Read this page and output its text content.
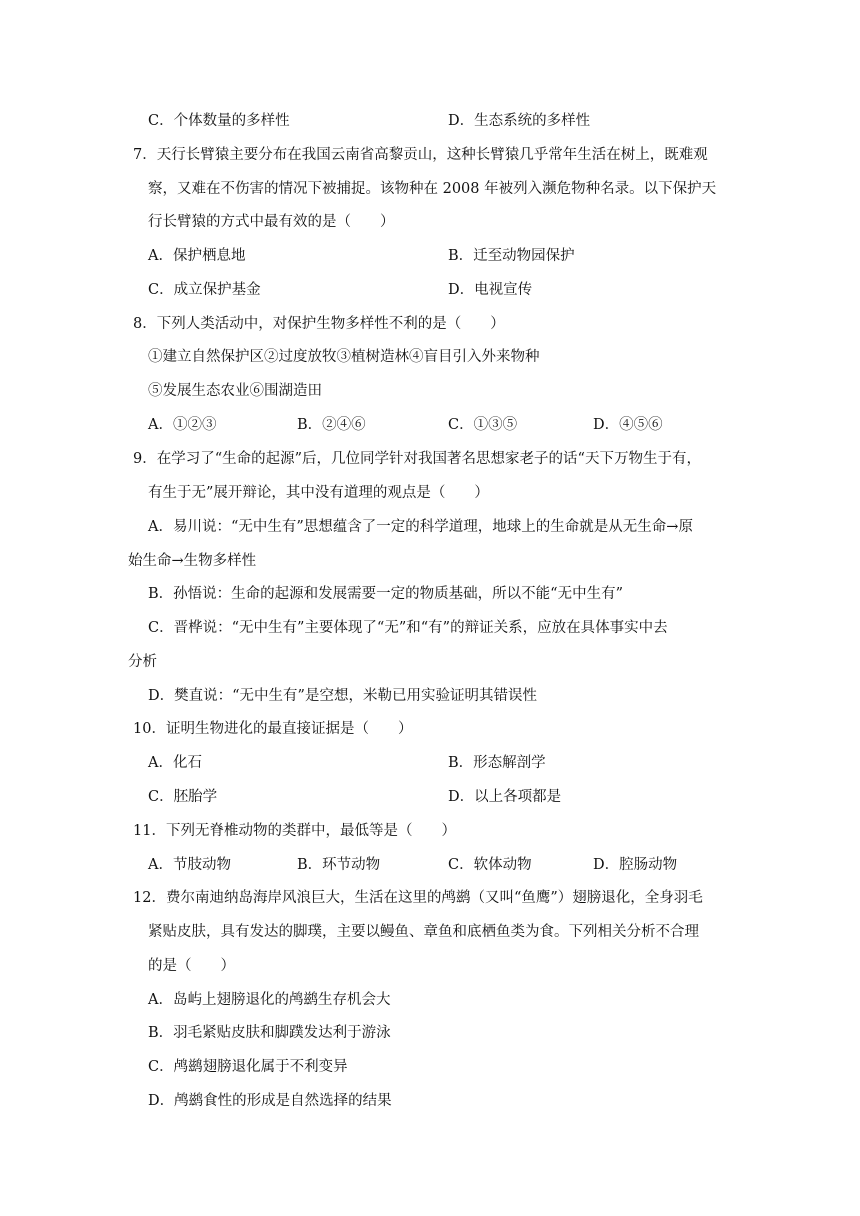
C．个体数量的多样性	D．生态系统的多样性
7．天行长臂猿主要分布在我国云南省高黎贡山，这种长臂猿几乎常年生活在树上，既难观
察，又难在不伤害的情况下被捕捉。该物种在 2008 年被列入濒危物种名录。以下保护天
行长臂猿的方式中最有效的是（　　）
A．保护栖息地	B．迁至动物园保护
C．成立保护基金	D．电视宣传
8．下列人类活动中，对保护生物多样性不利的是（　　）
①建立自然保护区②过度放牧③植树造林④盲目引入外来物种
⑤发展生态农业⑥围湖造田
A．①②③	B．②④⑥	C．①③⑤	D．④⑤⑥
9．在学习了“生命的起源”后，几位同学针对我国著名思想家老子的话“天下万物生于有，
有生于无”展开辩论，其中没有道理的观点是（　　）
A．易川说：“无中生有”思想蕴含了一定的科学道理，地球上的生命就是从无生命→原
始生命→生物多样性
B．孙悟说：生命的起源和发展需要一定的物质基础，所以不能“无中生有”
C．晋桦说：“无中生有”主要体现了“无”和“有”的辩证关系，应放在具体事实中去
分析
D．樊直说：“无中生有”是空想，米勒已用实验证明其错误性
10．证明生物进化的最直接证据是（　　）
A．化石	B．形态解剖学
C．胚胎学	D．以上各项都是
11．下列无脊椎动物的类群中，最低等是（　　）
A．节肢动物	B．环节动物	C．软体动物	D．腔肠动物
12．费尔南迪纳岛海岸风浪巨大，生活在这里的鸬鹚（又叫“鱼鹰”）翅膀退化，全身羽毛
紧贴皮肤，具有发达的脚璞，主要以鳗鱼、章鱼和底栖鱼类为食。下列相关分析不合理
的是（　　）
A．岛屿上翅膀退化的鸬鹚生存机会大
B．羽毛紧贴皮肤和脚蹼发达利于游泳
C．鸬鹚翅膀退化属于不利变异
D．鸬鹚食性的形成是自然选择的结果
